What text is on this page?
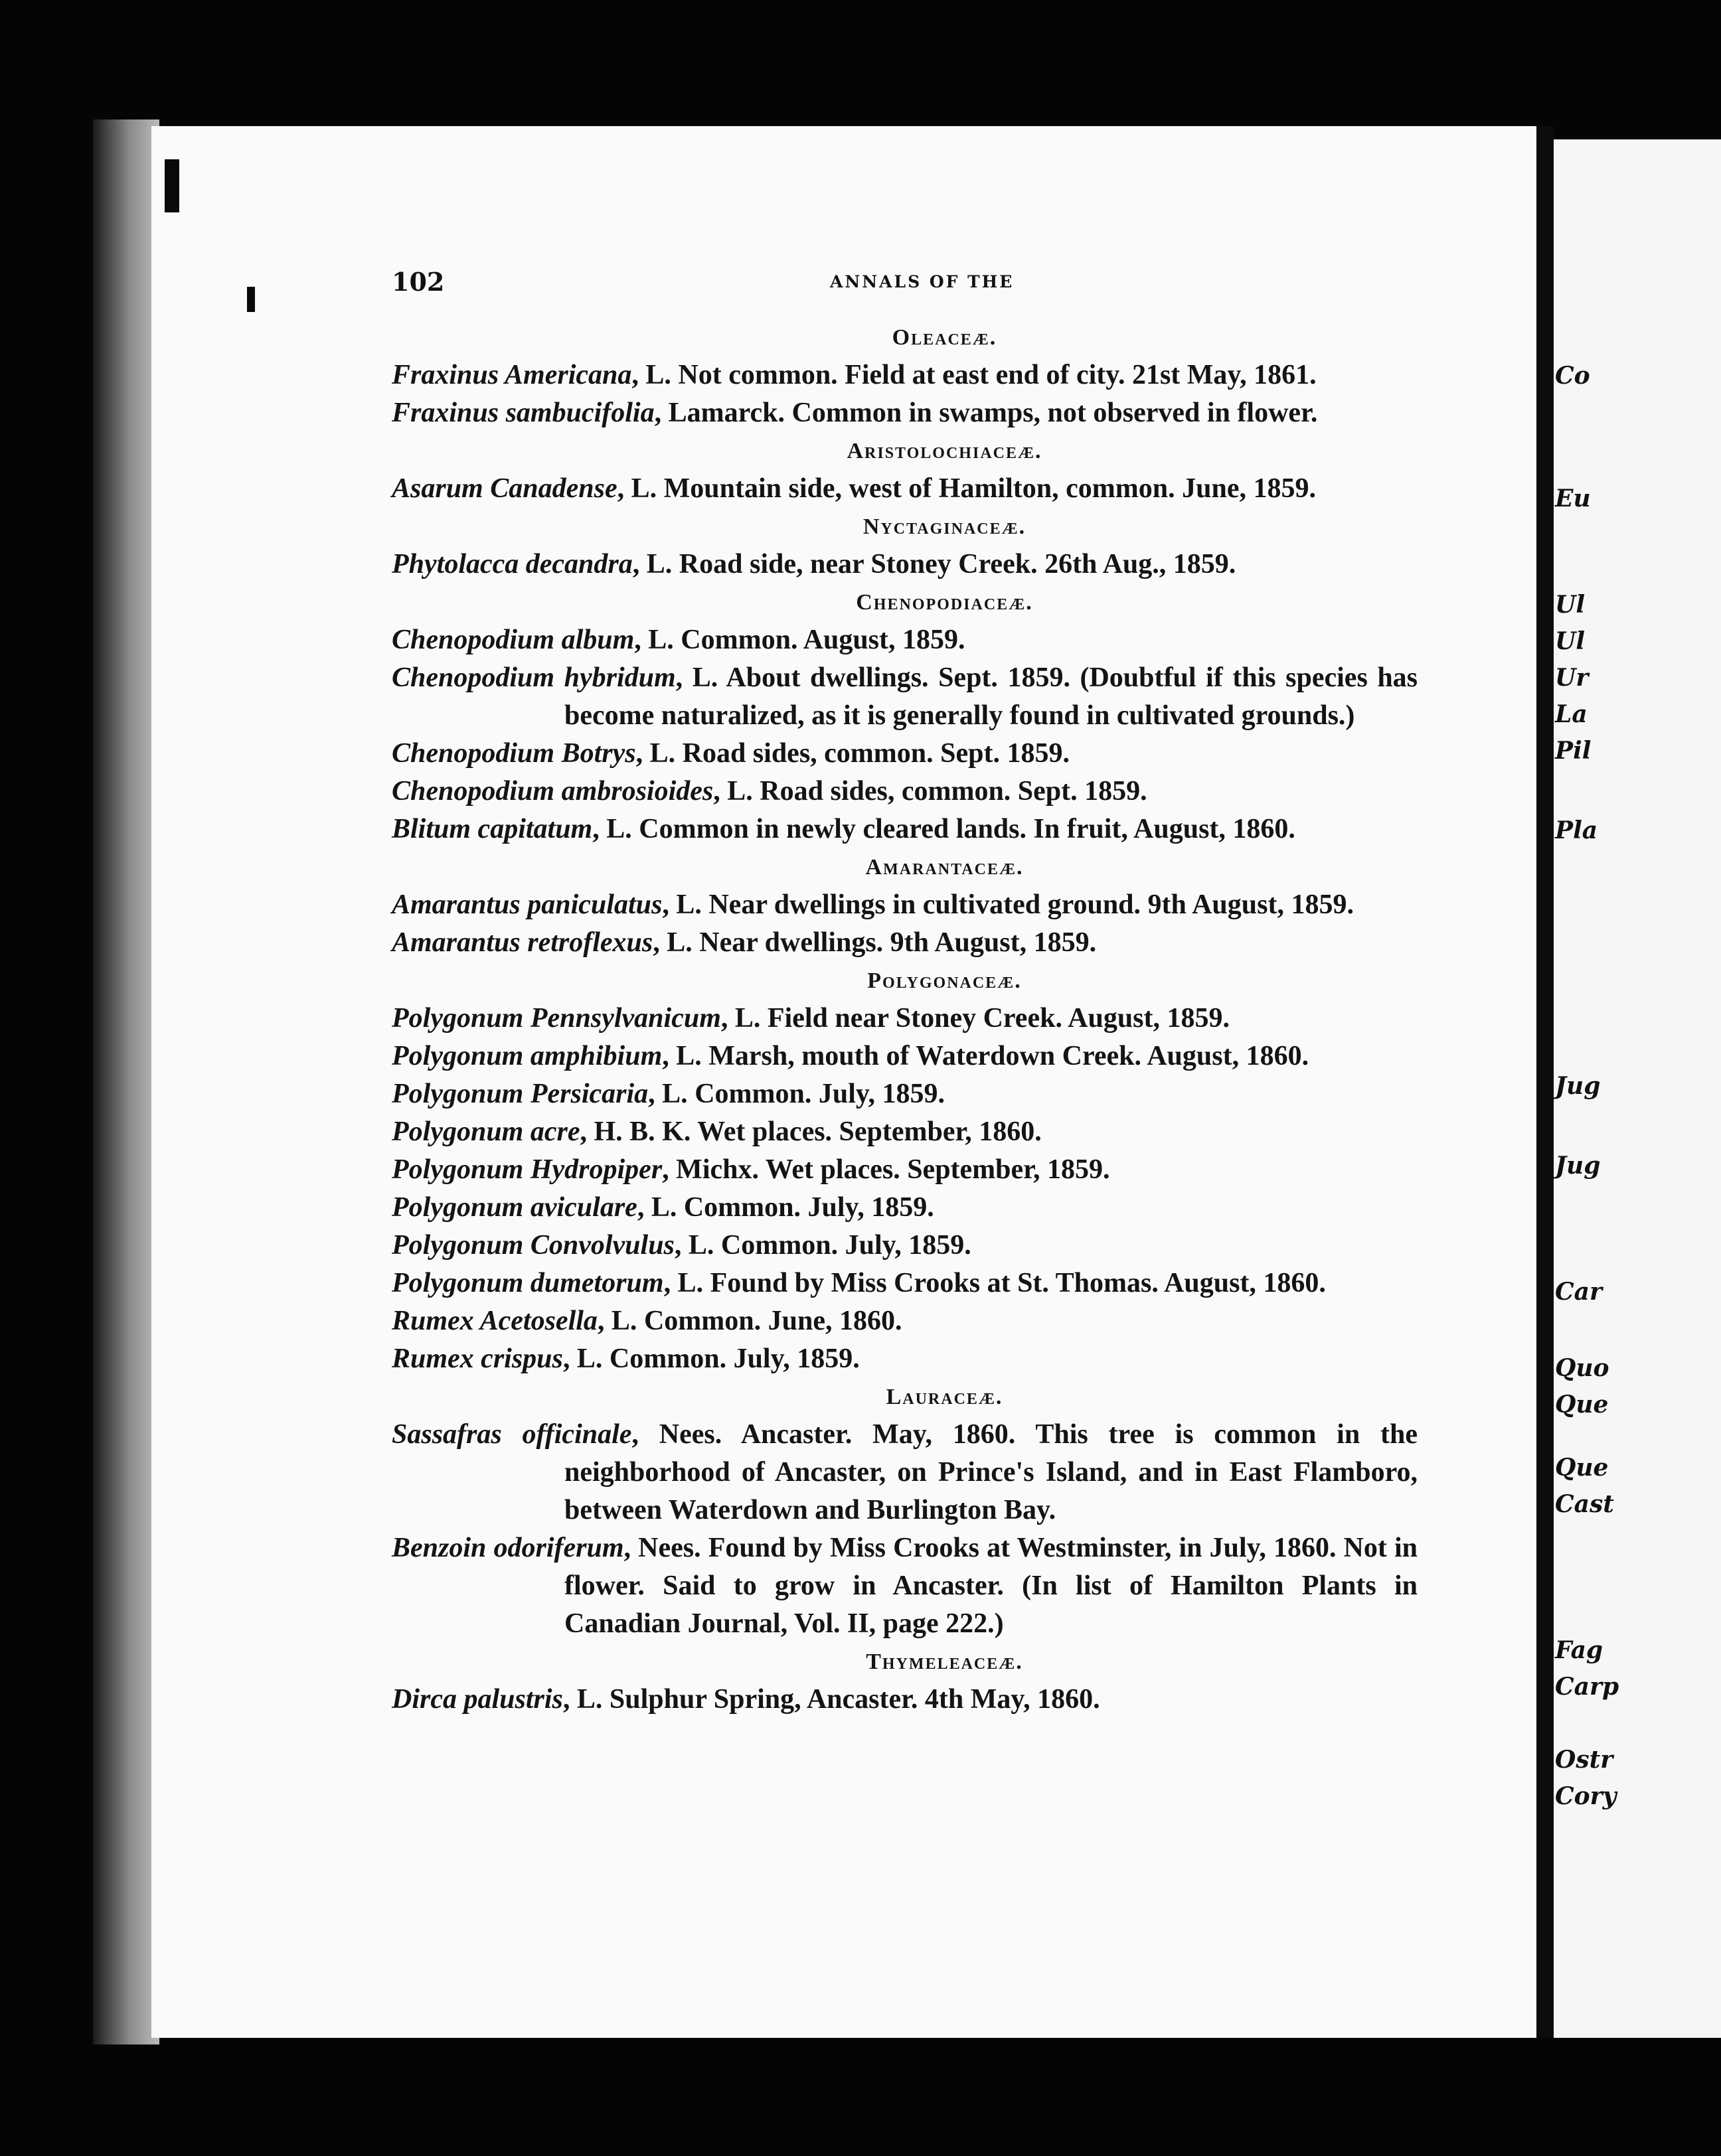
Co
Eu
Ul
Ul
Ur
La
Pil
Pla
Jug
Jug
Car
Quo
Que
Que
Cast
Fag
Carp
Ostr
Cory
102	ANNALS OF THE
Oleaceæ.
Fraxinus Americana, L. Not common. Field at east end of city. 21st May, 1861.
Fraxinus sambucifolia, Lamarck. Common in swamps, not observed in flower.
Aristolochiaceæ.
Asarum Canadense, L. Mountain side, west of Hamilton, common. June, 1859.
Nyctaginaceæ.
Phytolacca decandra, L. Road side, near Stoney Creek. 26th Aug., 1859.
Chenopodiaceæ.
Chenopodium album, L. Common. August, 1859.
Chenopodium hybridum, L. About dwellings. Sept. 1859. (Doubtful if this species has become naturalized, as it is generally found in cultivated grounds.)
Chenopodium Botrys, L. Road sides, common. Sept. 1859.
Chenopodium ambrosioides, L. Road sides, common. Sept. 1859.
Blitum capitatum, L. Common in newly cleared lands. In fruit, August, 1860.
Amarantaceæ.
Amarantus paniculatus, L. Near dwellings in cultivated ground. 9th August, 1859.
Amarantus retroflexus, L. Near dwellings. 9th August, 1859.
Polygonaceæ.
Polygonum Pennsylvanicum, L. Field near Stoney Creek. August, 1859.
Polygonum amphibium, L. Marsh, mouth of Waterdown Creek. August, 1860.
Polygonum Persicaria, L. Common. July, 1859.
Polygonum acre, H. B. K. Wet places. September, 1860.
Polygonum Hydropiper, Michx. Wet places. September, 1859.
Polygonum aviculare, L. Common. July, 1859.
Polygonum Convolvulus, L. Common. July, 1859.
Polygonum dumetorum, L. Found by Miss Crooks at St. Thomas. August, 1860.
Rumex Acetosella, L. Common. June, 1860.
Rumex crispus, L. Common. July, 1859.
Lauraceæ.
Sassafras officinale, Nees. Ancaster. May, 1860. This tree is common in the neighborhood of Ancaster, on Prince's Island, and in East Flamboro, between Waterdown and Burlington Bay.
Benzoin odoriferum, Nees. Found by Miss Crooks at Westminster, in July, 1860. Not in flower. Said to grow in Ancaster. (In list of Hamilton Plants in Canadian Journal, Vol. II, page 222.)
Thymeleaceæ.
Dirca palustris, L. Sulphur Spring, Ancaster. 4th May, 1860.
